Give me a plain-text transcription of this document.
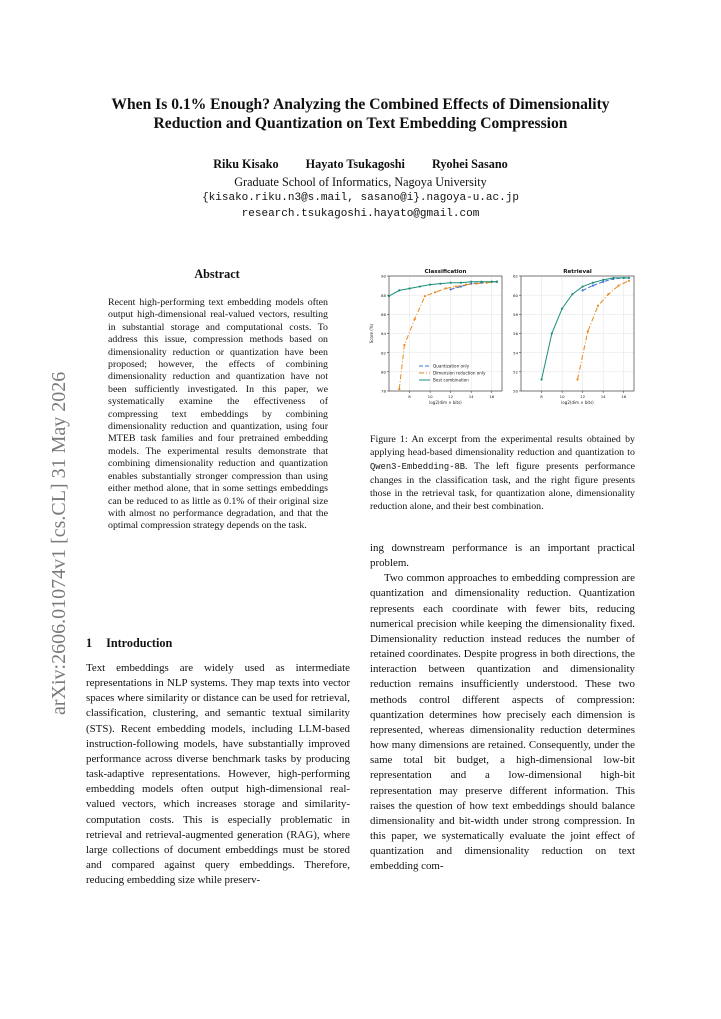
When Is 0.1% Enough? Analyzing the Combined Effects of Dimensionality
Reduction and Quantization on Text Embedding Compression
Riku Kisako Hayato Tsukagoshi Ryohei Sasano
Graduate School of Informatics, Nagoya University
{kisako.riku.n3@s.mail, sasano@i}.nagoya-u.ac.jp
research.tsukagoshi.hayato@gmail.com
arXiv:2606.01074v1 [cs.CL] 31 May 2026
Abstract
Recent high-performing text embedding models often output high-dimensional real-valued vectors, resulting in substantial storage and computational costs. To address this issue, compression methods based on dimensionality reduction or quantization have been proposed; however, the effects of combining dimensionality reduction and quantization have not been sufficiently investigated. In this paper, we systematically examine the effectiveness of compressing text embeddings by combining dimensionality reduction and quantization, using four MTEB task families and four pretrained embedding models. The experimental results demonstrate that combining dimensionality reduction and quantization enables substantially stronger compression than using either method alone, that in some settings embeddings can be reduced to as little as 0.1% of their original size with almost no performance degradation, and that the optimal compression strategy depends on the task.
1 Introduction
Text embeddings are widely used as intermediate representations in NLP systems. They map texts into vector spaces where similarity or distance can be used for retrieval, classification, clustering, and semantic textual similarity (STS). Recent embedding models, including LLM-based instruction-following models, have substantially improved performance across diverse benchmark tasks by producing task-adaptive representations. However, high-performing embedding models often output high-dimensional real-valued vectors, which increases storage and similarity-computation costs. This is especially problematic in retrieval and retrieval-augmented generation (RAG), where large collections of document embeddings must be stored and compared against query embeddings. Therefore, reducing embedding size while preserv-

ing downstream performance is an important practical problem.

Two common approaches to embedding compression are quantization and dimensionality reduction. Quantization represents each coordinate with fewer bits, reducing numerical precision while keeping the dimensionality fixed. Dimensionality reduction instead reduces the number of retained coordinates. Despite progress in both directions, the interaction between quantization and dimensionality reduction remains insufficiently understood. These two methods control different aspects of compression: quantization determines how precisely each dimension is represented, whereas dimensionality reduction determines how many dimensions are retained. Consequently, under the same total bit budget, a high-dimensional low-bit representation and a low-dimensional high-bit representation may preserve different information. This raises the question of how text embeddings should balance dimensionality and bit-width under strong compression. In this paper, we systematically evaluate the joint effect of quantization and dimensionality reduction on text embedding com-

Classification
78
80
82
84
86
88
90
8	10	12	14	16
log2(dim × bits)
Score (%)
Quantization only
Dimension reduction only
Best combination
Retrieval
50
52
54
56
58
60
62
8	10	12	14	16
log2(dim × bits)
Figure 1: An excerpt from the experimental results obtained by applying head-based dimensionality reduction and quantization to Qwen3-Embedding-8B. The left figure presents performance changes in the classification task, and the right figure presents those in the retrieval task, for quantization alone, dimensionality reduction alone, and their best combination.
